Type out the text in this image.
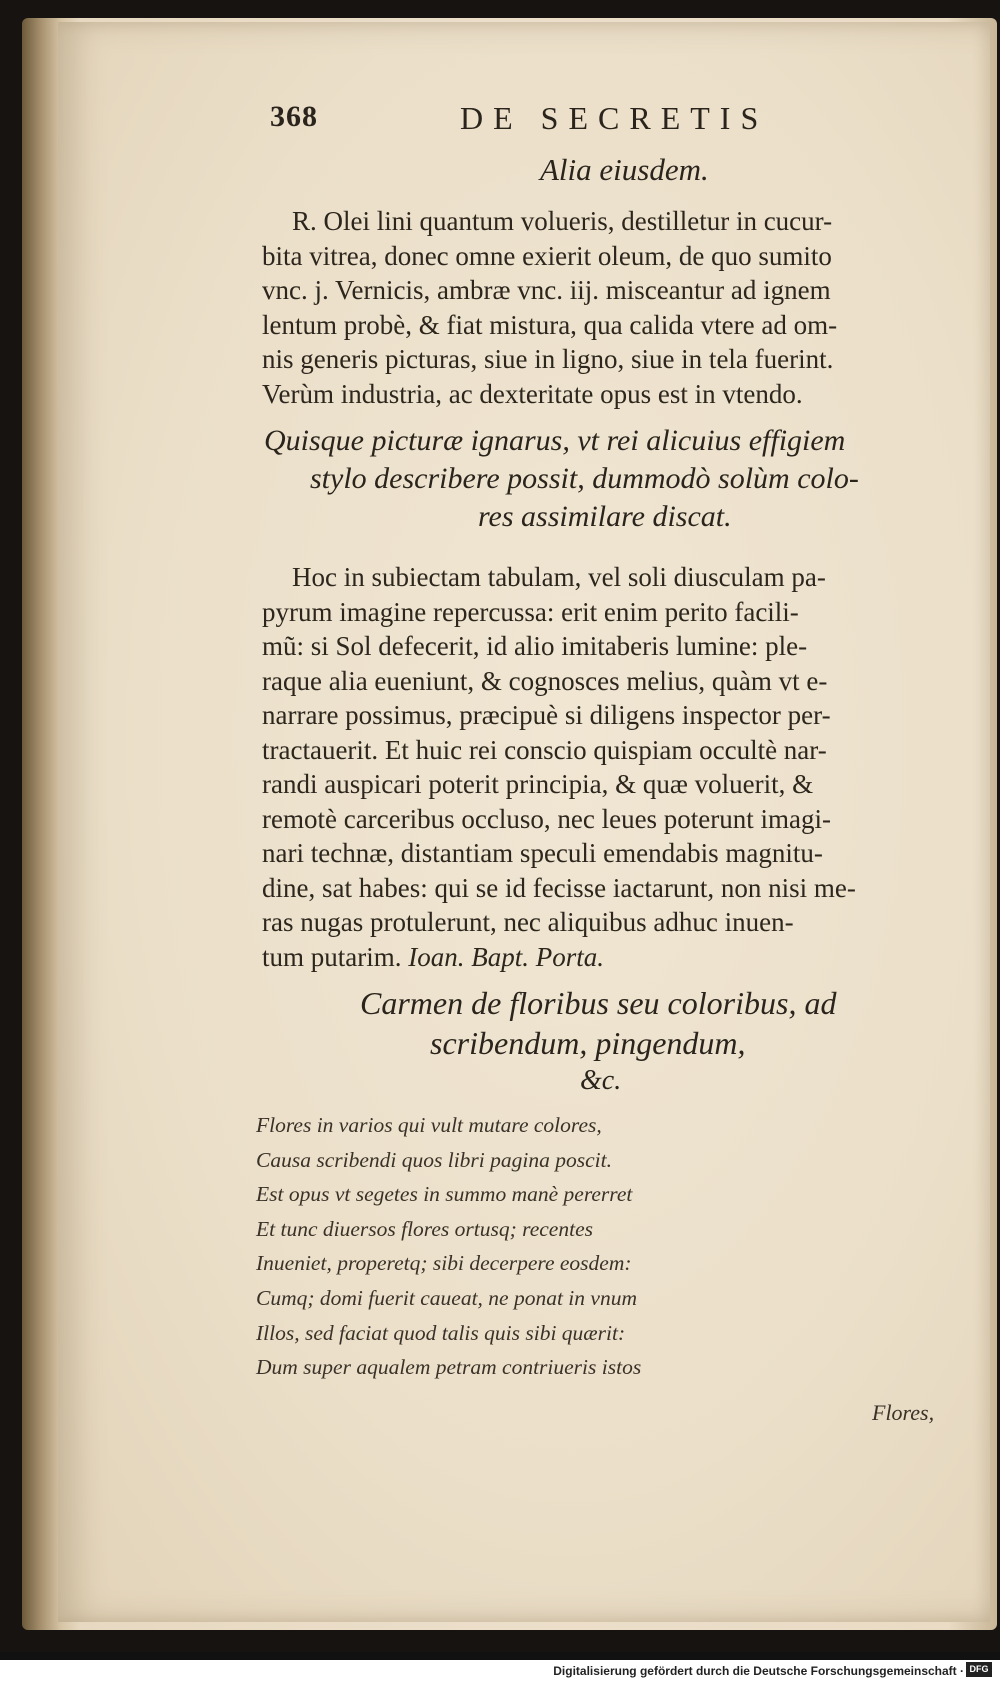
368	DE SECRETIS
Alia eiusdem.
R. Olei lini quantum volueris, destilletur in cucur-
bita vitrea, donec omne exierit oleum, de quo sumito
vnc. j. Vernicis, ambræ vnc. iij. misceantur ad ignem
lentum probè, & fiat mistura, qua calida vtere ad om-
nis generis picturas, siue in ligno, siue in tela fuerint.
Verùm industria, ac dexteritate opus est in vtendo.
Quisque picturæ ignarus, vt rei alicuius effigiem
stylo describere possit, dummodò solùm colo-
res assimilare discat.
Hoc in subiectam tabulam, vel soli diusculam pa-
pyrum imagine repercussa: erit enim perito facili-
mũ: si Sol defecerit, id alio imitaberis lumine: ple-
raque alia eueniunt, & cognosces melius, quàm vt e-
narrare possimus, præcipuè si diligens inspector per-
tractauerit. Et huic rei conscio quispiam occultè nar-
randi auspicari poterit principia, & quæ voluerit, &
remotè carceribus occluso, nec leues poterunt imagi-
nari technæ, distantiam speculi emendabis magnitu-
dine, sat habes: qui se id fecisse iactarunt, non nisi me-
ras nugas protulerunt, nec aliquibus adhuc inuen-
tum putarim. Ioan. Bapt. Porta.
Carmen de floribus seu coloribus, ad
scribendum, pingendum,
&c.
Flores in varios qui vult mutare colores,
Causa scribendi quos libri pagina poscit.
Est opus vt segetes in summo manè pererret
Et tunc diuersos flores ortusq; recentes
Inueniet, properetq; sibi decerpere eosdem:
Cumq; domi fuerit caueat, ne ponat in vnum
Illos, sed faciat quod talis quis sibi quærit:
Dum super aqualem petram contriueris istos
Flores,
Digitalisierung gefördert durch die Deutsche Forschungsgemeinschaft · DFG
